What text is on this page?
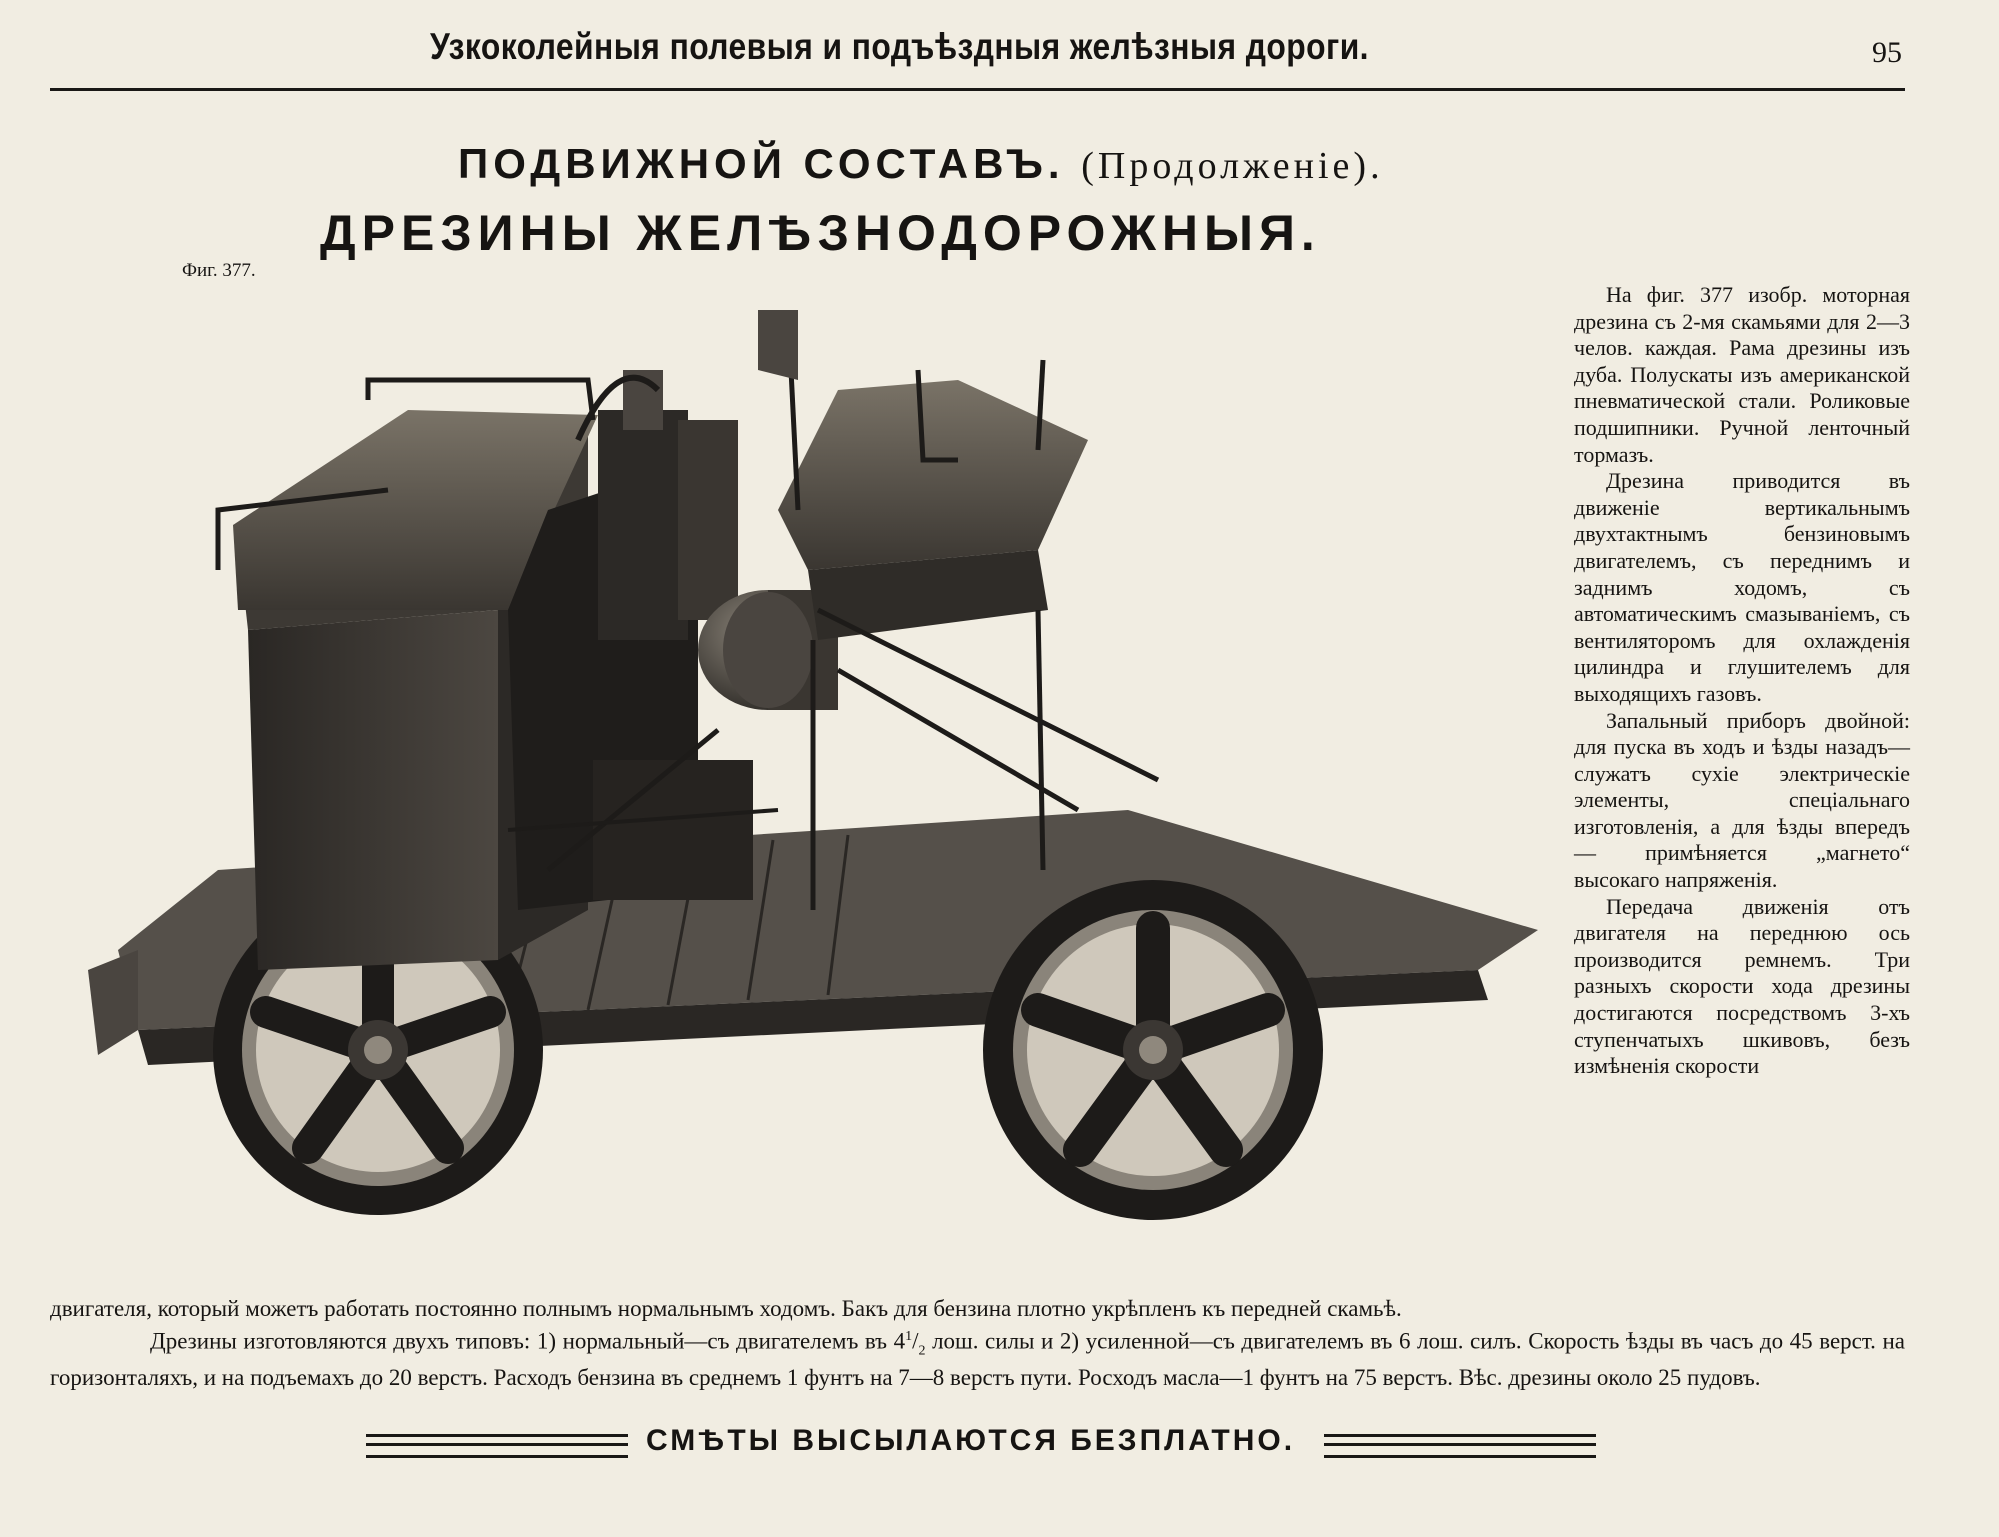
Узкоколейныя полевыя и подъѣздныя желѣзныя дороги.	95
ПОДВИЖНОЙ СОСТАВЪ. (Продолженіе).
ДРЕЗИНЫ ЖЕЛѢЗНОДОРОЖНЫЯ.
Фиг. 377.

На фиг. 377 изобр. моторная дрезина съ 2-мя скамьями для 2—3 челов. каждая. Рама дрезины изъ дуба. Полускаты изъ американской пневматической стали. Роликовые подшипники. Ручной ленточный тормазъ.

Дрезина приводится въ движеніе вертикальнымъ двухтактнымъ бензиновымъ двигателемъ, съ переднимъ и заднимъ ходомъ, съ автоматическимъ смазываніемъ, съ вентиляторомъ для охлажденія цилиндра и глушителемъ для выходящихъ газовъ.

Запальный приборъ двойной: для пуска въ ходъ и ѣзды назадъ—служатъ сухіе электрическіе элементы, спеціальнаго изготовленія, а для ѣзды впередъ — примѣняется „магнето“ высокаго напряженія.

Передача движенія отъ двигателя на переднюю ось производится ремнемъ. Три разныхъ скорости хода дрезины достигаются посредствомъ 3-хъ ступенчатыхъ шкивовъ, безъ измѣненія скорости

двигателя, который можетъ работать постоянно полнымъ нормальнымъ ходомъ. Бакъ для бензина плотно укрѣпленъ къ передней скамьѣ.

Дрезины изготовляются двухъ типовъ: 1) нормальный—съ двигателемъ въ $4^1/_2$ лош. силы и 2) усиленной—съ двигателемъ въ 6 лош. силъ. Скорость ѣзды въ часъ до 45 верст. на горизонталяхъ, и на подъемахъ до 20 верстъ. Расходъ бензина въ среднемъ 1 фунтъ на 7—8 верстъ пути. Росходъ масла—1 фунтъ на 75 верстъ. Вѣс. дрезины около 25 пудовъ.

СМѢТЫ ВЫСЫЛАЮТСЯ БЕЗПЛАТНО.
